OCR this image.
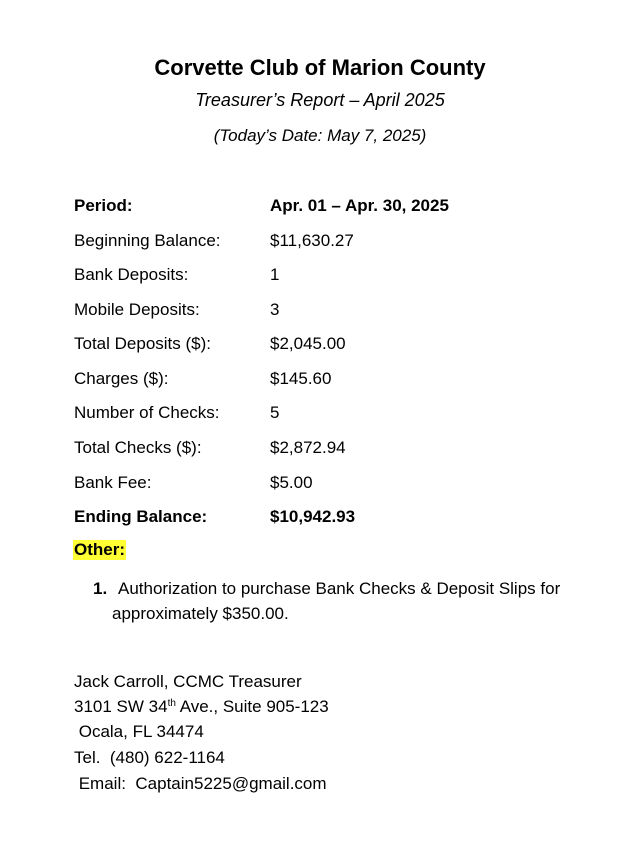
Corvette Club of Marion County
Treasurer’s Report – April 2025
(Today’s Date: May 7, 2025)
Period:	Apr. 01 – Apr. 30, 2025
Beginning Balance:	$11,630.27
Bank Deposits:	1
Mobile Deposits:	3
Total Deposits ($):	$2,045.00
Charges ($):	$145.60
Number of Checks:	5
Total Checks ($):	$2,872.94
Bank Fee:	$5.00
Ending Balance:	$10,942.93
Other:
1. Authorization to purchase Bank Checks & Deposit Slips for approximately $350.00.
Jack Carroll, CCMC Treasurer
3101 SW 34th Ave., Suite 905-123
Ocala, FL 34474
Tel.  (480) 622-1164
Email:  Captain5225@gmail.com
